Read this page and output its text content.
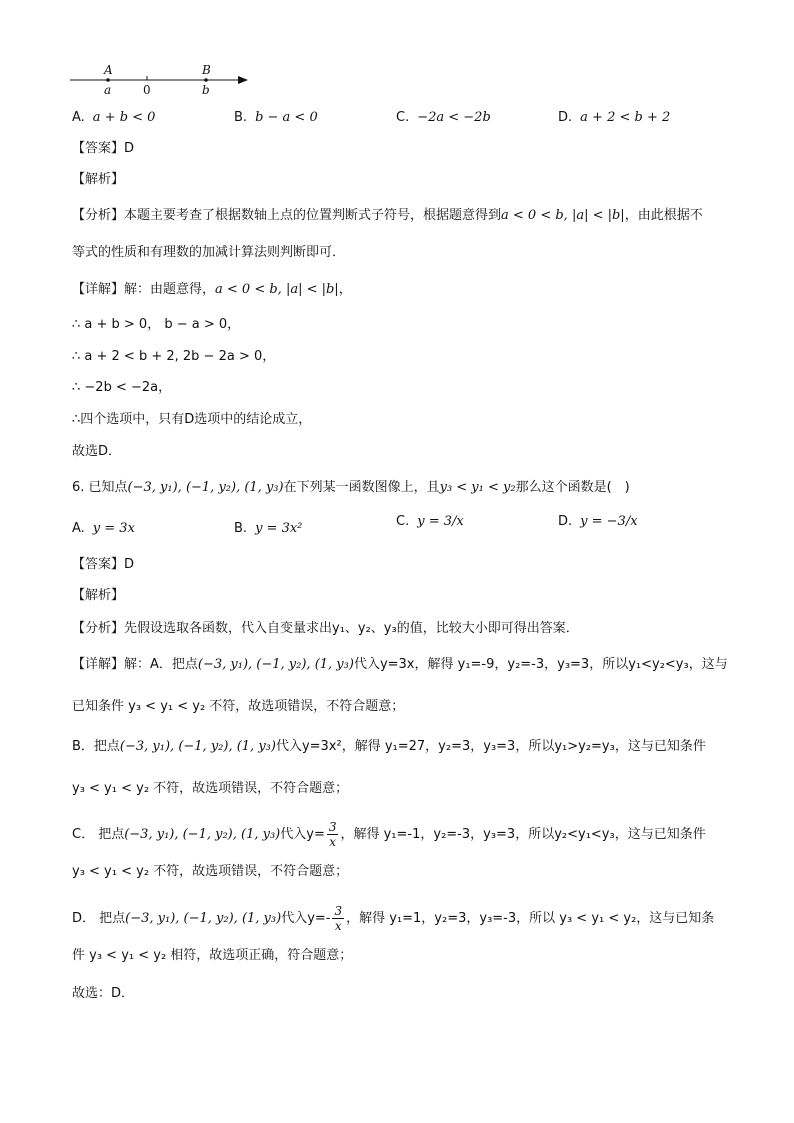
A	B
a	0	b
A. a + b < 0	B. b − a < 0	C. −2a < −2b	D. a + 2 < b + 2
【答案】D
【解析】
【分析】本题主要考查了根据数轴上点的位置判断式子符号，根据题意得到a < 0 < b, |a| < |b|，由此根据不
等式的性质和有理数的加减计算法则判断即可．
【详解】解：由题意得，a < 0 < b, |a| < |b|，
∴ a + b > 0， b − a > 0，
∴ a + 2 < b + 2, 2b − 2a > 0，
∴ −2b < −2a，
∴四个选项中，只有D选项中的结论成立，
故选D．
6. 已知点(−3, y₁), (−1, y₂), (1, y₃)在下列某一函数图像上，且y₃ < y₁ < y₂那么这个函数是(　)
A. y = 3x	B. y = 3x²	C. y = 3/x	D. y = −3/x
【答案】D
【解析】
【分析】先假设选取各函数，代入自变量求出y₁、y₂、y₃的值，比较大小即可得出答案．
【详解】解：A．把点(−3, y₁), (−1, y₂), (1, y₃)代入y=3x，解得 y₁=-9，y₂=-3，y₃=3，所以y₁<y₂<y₃，这与
已知条件 y₃ < y₁ < y₂ 不符，故选项错误，不符合题意；
B．把点(−3, y₁), (−1, y₂), (1, y₃)代入y=3x²，解得 y₁=27，y₂=3，y₃=3，所以y₁>y₂=y₃，这与已知条件
y₃ < y₁ < y₂ 不符，故选项错误，不符合题意；
C． 把点(−3, y₁), (−1, y₂), (1, y₃)代入$y= \frac{3}{x}$ ，解得 y₁=-1，y₂=-3，y₃=3，所以y₂<y₁<y₃，这与已知条件
y₃ < y₁ < y₂ 不符，故选项错误，不符合题意；
D． 把点(−3, y₁), (−1, y₂), (1, y₃)代入$y=- \frac{3}{x}$ ，解得 y₁=1，y₂=3，y₃=-3，所以 y₃ < y₁ < y₂，这与已知条
件 y₃ < y₁ < y₂ 相符，故选项正确，符合题意；
故选：D．
